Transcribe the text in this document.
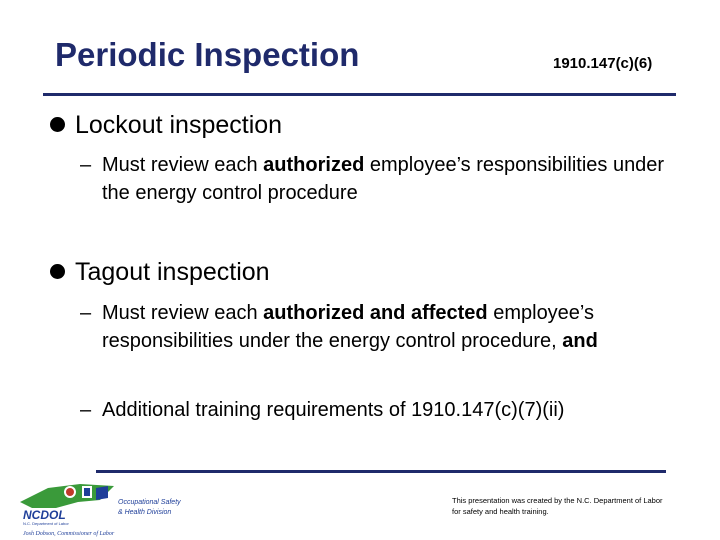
Periodic Inspection	1910.147(c)(6)
Lockout inspection
– Must review each authorized employee’s responsibilities under the energy control procedure
Tagout inspection
– Must review each authorized and affected employee’s responsibilities under the energy control procedure, and
– Additional training requirements of 1910.147(c)(7)(ii)
NCDOL
N.C. Department of Labor
Occupational Safety
& Health Division
Josh Dobson, Commissioner of Labor
This presentation was created by the N.C. Department of Labor for safety and health training.
